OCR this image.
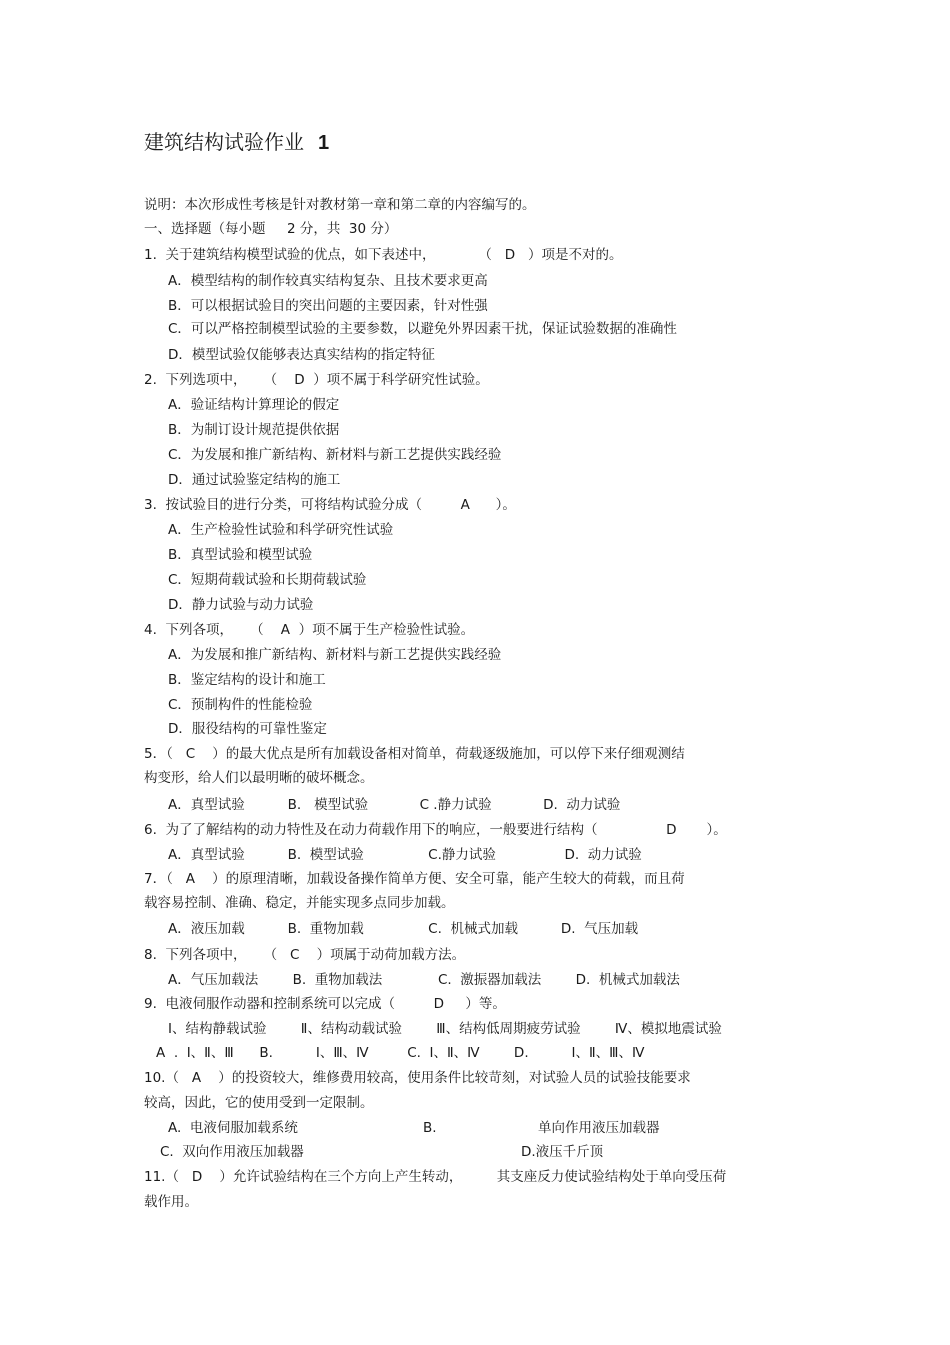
建筑结构试验作业 1
说明：本次形成性考核是针对教材第一章和第二章的内容编写的。
一、选择题（每小题     2 分，共  30 分）
1.  关于建筑结构模型试验的优点，如下表述中，          （   D   ）项是不对的。
A．模型结构的制作较真实结构复杂、且技术要求更高
B．可以根据试验目的突出问题的主要因素，针对性强
C．可以严格控制模型试验的主要参数，以避免外界因素干扰，保证试验数据的准确性
D．模型试验仅能够表达真实结构的指定特征
2.  下列选项中，    （    D  ）项不属于科学研究性试验。
A．验证结构计算理论的假定
B．为制订设计规范提供依据
C．为发展和推广新结构、新材料与新工艺提供实践经验
D．通过试验鉴定结构的施工
3.  按试验目的进行分类，可将结构试验分成（         A      ）。
A．生产检验性试验和科学研究性试验
B．真型试验和模型试验
C．短期荷载试验和长期荷载试验
D．静力试验与动力试验
4.  下列各项，    （    A  ）项不属于生产检验性试验。
A．为发展和推广新结构、新材料与新工艺提供实践经验
B．鉴定结构的设计和施工
C．预制构件的性能检验
D．服役结构的可靠性鉴定
5．（   C    ）的最大优点是所有加载设备相对简单，荷载逐级施加，可以停下来仔细观测结
构变形，给人们以最明晰的破坏概念。
A．真型试验          B.   模型试验            C .静力试验            D.  动力试验
6.  为了了解结构的动力特性及在动力荷载作用下的响应，一般要进行结构（                D       ）。
A．真型试验          B.  模型试验               C.静力试验                D.  动力试验
7．（   A    ）的原理清晰，加载设备操作简单方便、安全可靠，能产生较大的荷载，而且荷
载容易控制、准确、稳定，并能实现多点同步加载。
A．液压加载          B.  重物加载               C.  机械式加载          D.  气压加载
8.  下列各项中，    （   C    ）项属于动荷加载方法。
A．气压加载法        B.  重物加载法             C.  激振器加载法        D.  机械式加载法
9.  电液伺服作动器和控制系统可以完成（         D     ）等。
Ⅰ、结构静载试验        Ⅱ、结构动载试验        Ⅲ、结构低周期疲劳试验        Ⅳ、模拟地震试验
A  .  Ⅰ、Ⅱ、Ⅲ      B.          Ⅰ、Ⅲ、Ⅳ         C.  Ⅰ、Ⅱ、Ⅳ        D.          Ⅰ、Ⅱ、Ⅲ、Ⅳ
10.（   A    ）的投资较大，维修费用较高，使用条件比较苛刻，对试验人员的试验技能要求
较高，因此，它的使用受到一定限制。
A.  电液伺服加载系统	B.	单向作用液压加载器
C.  双向作用液压加载器	D.液压千斤顶
11.（   D    ）允许试验结构在三个方向上产生转动，        其支座反力使试验结构处于单向受压荷
载作用。
